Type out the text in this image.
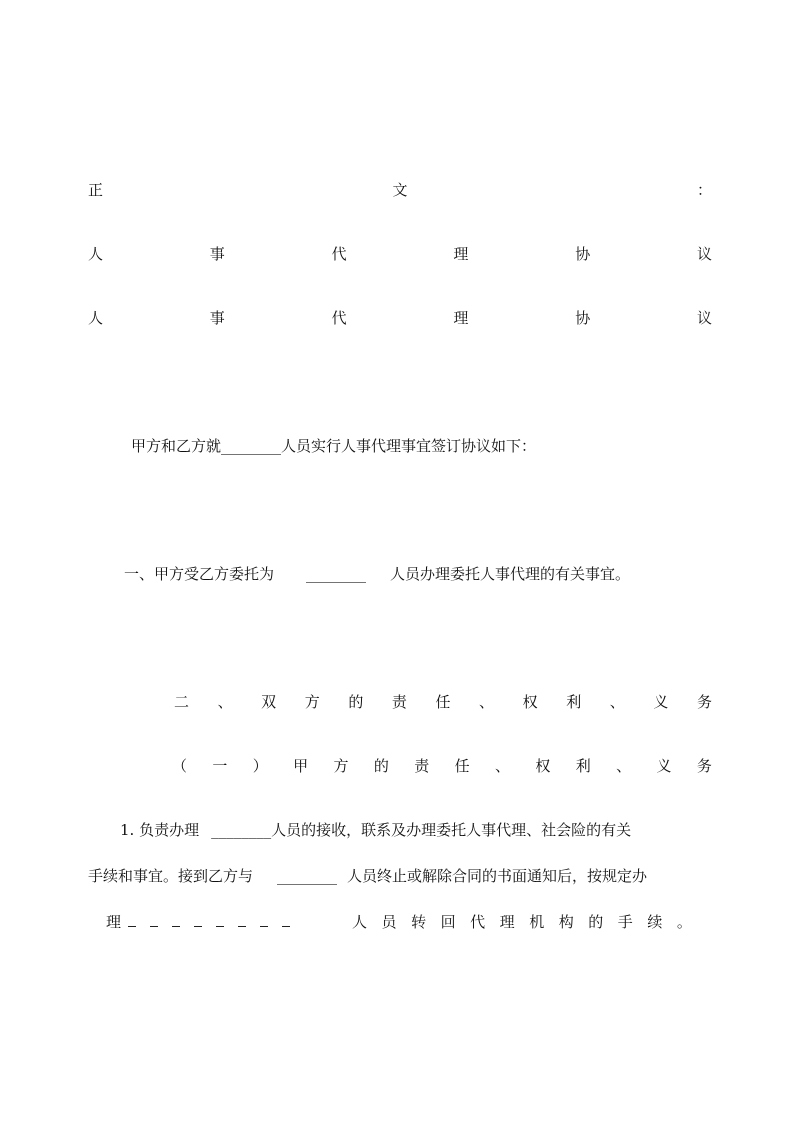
正	文	：
人	事	代	理	协	议
人	事	代	理	协	议
甲方和乙方就________人员实行人事代理事宜签订协议如下：
一、甲方受乙方委托为 ________ 人员办理委托人事代理的有关事宜。
二 、 双 方 的 责 任 、 权 利 、 义 务
（ 一 ） 甲 方 的 责 任 、 权 利 、 义 务
1. 负责办理 ________人员的接收，联系及办理委托人事代理、社会险的有关
手续和事宜。接到乙方与 ________ 人员终止或解除合同的书面通知后，按规定办
理	人 员 转 回 代 理 机 构 的 手 续 。
